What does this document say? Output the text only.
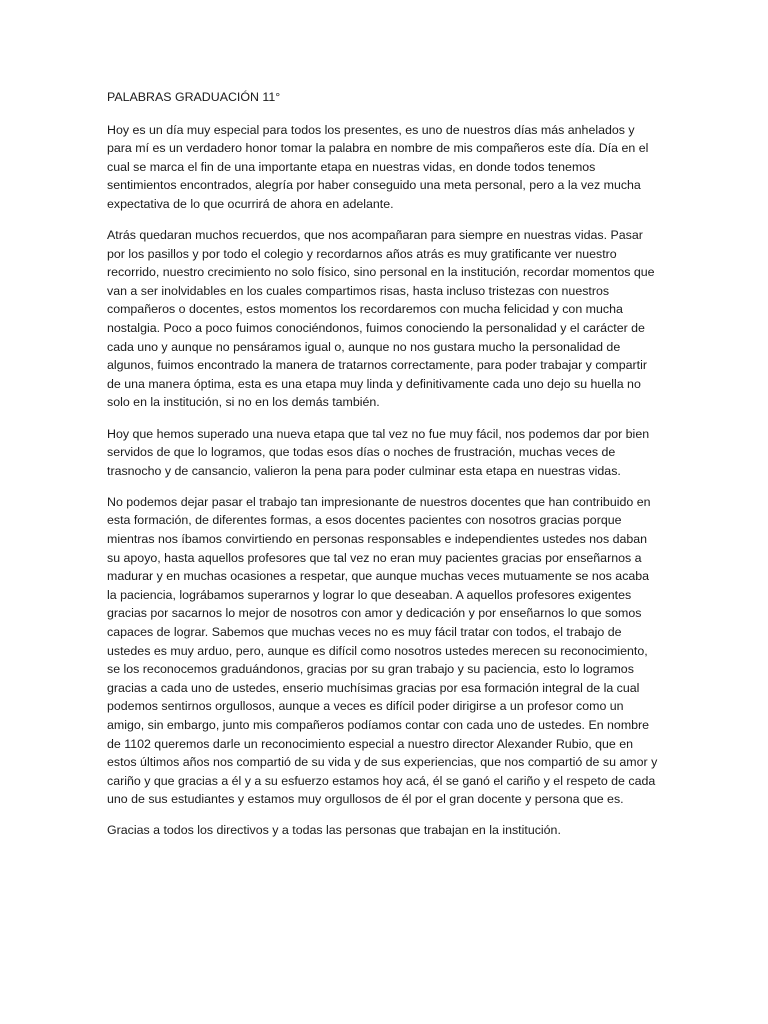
PALABRAS GRADUACIÓN 11°

Hoy es un día muy especial para todos los presentes, es uno de nuestros días más anhelados y para mí es un verdadero honor tomar la palabra en nombre de mis compañeros este día. Día en el cual se marca el fin de una importante etapa en nuestras vidas, en donde todos tenemos sentimientos encontrados, alegría por haber conseguido una meta personal, pero a la vez mucha expectativa de lo que ocurrirá de ahora en adelante.

Atrás quedaran muchos recuerdos, que nos acompañaran para siempre en nuestras vidas. Pasar por los pasillos y por todo el colegio y recordarnos años atrás es muy gratificante ver nuestro recorrido, nuestro crecimiento no solo físico, sino personal en la institución, recordar momentos que van a ser inolvidables en los cuales compartimos risas, hasta incluso tristezas con nuestros compañeros o docentes, estos momentos los recordaremos con mucha felicidad y con mucha nostalgia. Poco a poco fuimos conociéndonos, fuimos conociendo la personalidad y el carácter de cada uno y aunque no pensáramos igual o, aunque no nos gustara mucho la personalidad de algunos, fuimos encontrado la manera de tratarnos correctamente, para poder trabajar y compartir de una manera óptima, esta es una etapa muy linda y definitivamente cada uno dejo su huella no solo en la institución, si no en los demás también.

Hoy que hemos superado una nueva etapa que tal vez no fue muy fácil, nos podemos dar por bien servidos de que lo logramos, que todas esos días o noches de frustración, muchas veces de trasnocho y de cansancio, valieron la pena para poder culminar esta etapa en nuestras vidas.

No podemos dejar pasar el trabajo tan impresionante de nuestros docentes que han contribuido en esta formación, de diferentes formas, a esos docentes pacientes con nosotros gracias porque mientras nos íbamos convirtiendo en personas responsables e independientes ustedes nos daban su apoyo, hasta aquellos profesores que tal vez no eran muy pacientes gracias por enseñarnos a madurar y en muchas ocasiones a respetar, que aunque muchas veces mutuamente se nos acaba la paciencia, lográbamos superarnos y lograr lo que deseaban. A aquellos profesores exigentes gracias por sacarnos lo mejor de nosotros con amor y dedicación y por enseñarnos lo que somos capaces de lograr. Sabemos que muchas veces no es muy fácil tratar con todos, el trabajo de ustedes es muy arduo, pero, aunque es difícil como nosotros ustedes merecen su reconocimiento, se los reconocemos graduándonos, gracias por su gran trabajo y su paciencia, esto lo logramos gracias a cada uno de ustedes, enserio muchísimas gracias por esa formación integral de la cual podemos sentirnos orgullosos, aunque a veces es difícil poder dirigirse a un profesor como un amigo, sin embargo, junto mis compañeros podíamos contar con cada uno de ustedes. En nombre de 1102 queremos darle un reconocimiento especial a nuestro director Alexander Rubio, que en estos últimos años nos compartió de su vida y de sus experiencias, que nos compartió de su amor y cariño y que gracias a él y a su esfuerzo estamos hoy acá, él se ganó el cariño y el respeto de cada uno de sus estudiantes y estamos muy orgullosos de él por el gran docente y persona que es.

Gracias a todos los directivos y a todas las personas que trabajan en la institución.
